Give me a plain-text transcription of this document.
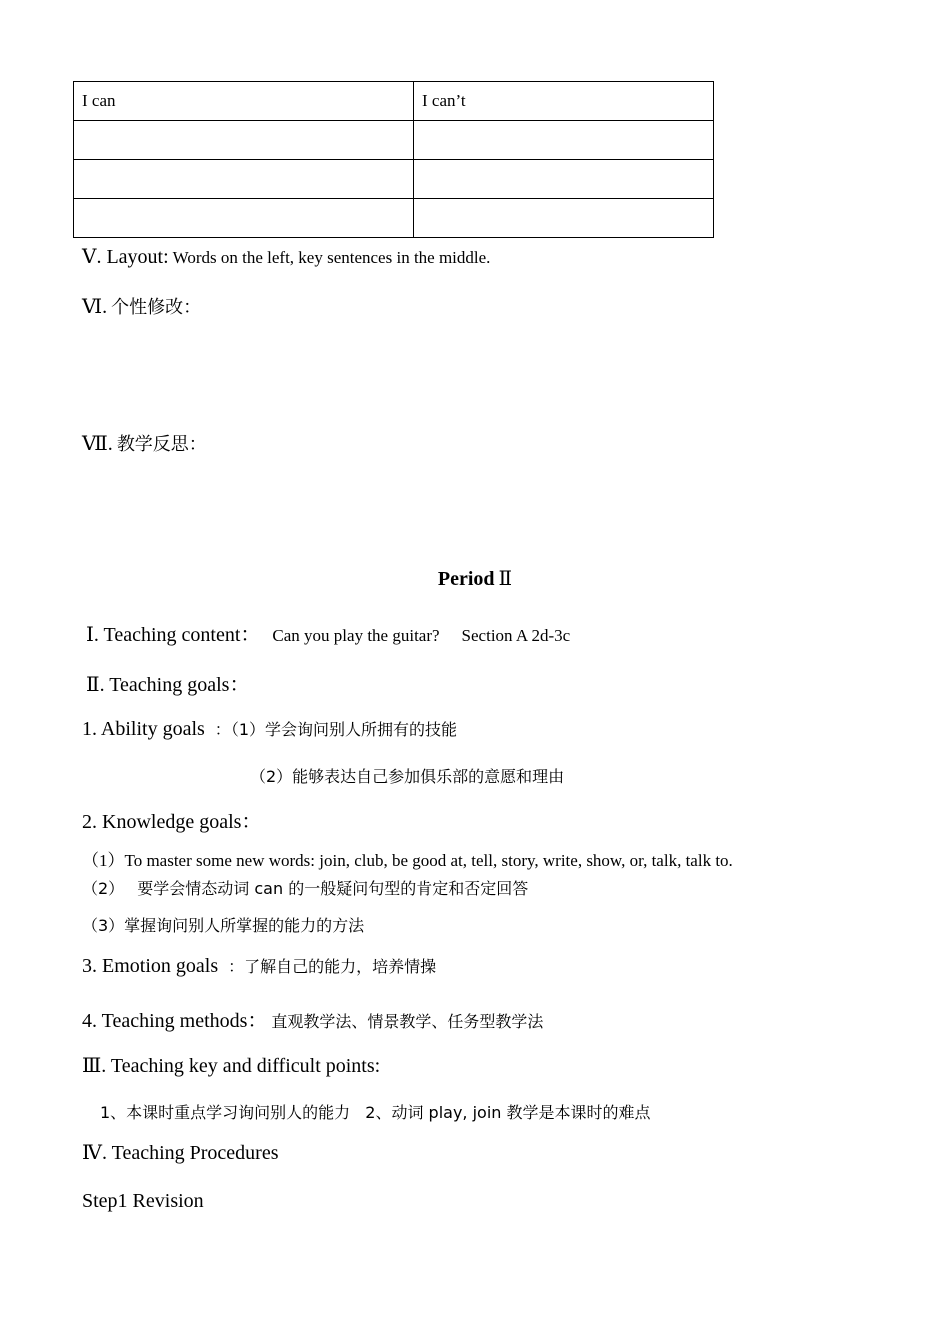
I can	I can’t

Ⅴ. Layout: Words on the left, key sentences in the middle.
Ⅵ. 个性修改：
Ⅶ. 教学反思：
Period Ⅱ
Ⅰ. Teaching content： Can you play the guitar? Section A 2d-3c
Ⅱ. Teaching goals：
1. Ability goals ：（1）学会询问别人所拥有的技能
（2）能够表达自己参加俱乐部的意愿和理由
2. Knowledge goals：
（1）To master some new words: join, club, be good at, tell, story, write, show, or, talk, talk to.
（2） 要学会情态动词 can 的一般疑问句型的肯定和否定回答
（3）掌握询问别人所掌握的能力的方法
3. Emotion goals ：了解自己的能力，培养情操
4. Teaching methods： 直观教学法、情景教学、任务型教学法
Ⅲ. Teaching key and difficult points:
1、本课时重点学习询问别人的能力 2、动词 play, join 教学是本课时的难点
Ⅳ. Teaching Procedures
Step1 Revision
